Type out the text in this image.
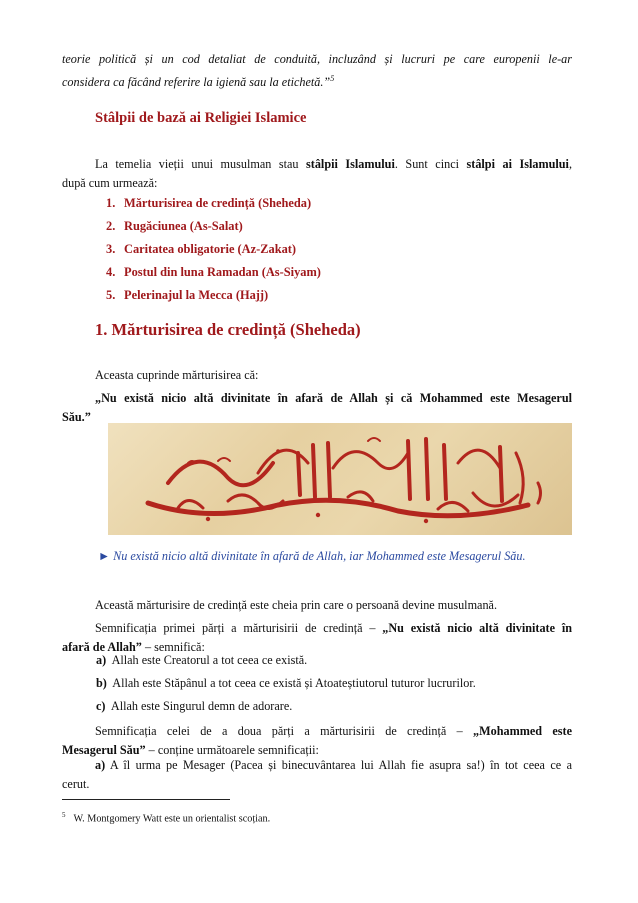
teorie politică și un cod detaliat de conduită, incluzând și lucruri pe care europenii le-ar
considera ca făcând referire la igienă sau la etichetă.”$^5$
Stâlpii de bază ai Religiei Islamice
La temelia vieții unui musulman stau stâlpii Islamului. Sunt cinci stâlpi ai Islamului,
după cum urmează:
1. Mărturisirea de credință (Sheheda)
2. Rugăciunea (As-Salat)
3. Caritatea obligatorie (Az-Zakat)
4. Postul din luna Ramadan (As-Siyam)
5. Pelerinajul la Mecca (Hajj)
1. Mărturisirea de credință (Sheheda)
Aceasta cuprinde mărturisirea că:
„Nu există nicio altă divinitate în afară de Allah și că Mohammed este Mesagerul
Său.”
► Nu există nicio altă divinitate în afară de Allah, iar Mohammed este Mesagerul Său.
Această mărturisire de credință este cheia prin care o persoană devine musulmană.
Semnificația primei părți a mărturisirii de credință – „Nu există nicio altă divinitate în
afară de Allah” – semnifică:
a) Allah este Creatorul a tot ceea ce există.
b) Allah este Stăpânul a tot ceea ce există și Atoateștiutorul tuturor lucrurilor.
c) Allah este Singurul demn de adorare.
Semnificația celei de a doua părți a mărturisirii de credință – „Mohammed este
Mesagerul Său” – conține următoarele semnificații:
a) A îl urma pe Mesager (Pacea și binecuvântarea lui Allah fie asupra sa!) în tot ceea ce a
cerut.
$^5$ W. Montgomery Watt este un orientalist scoțian.
